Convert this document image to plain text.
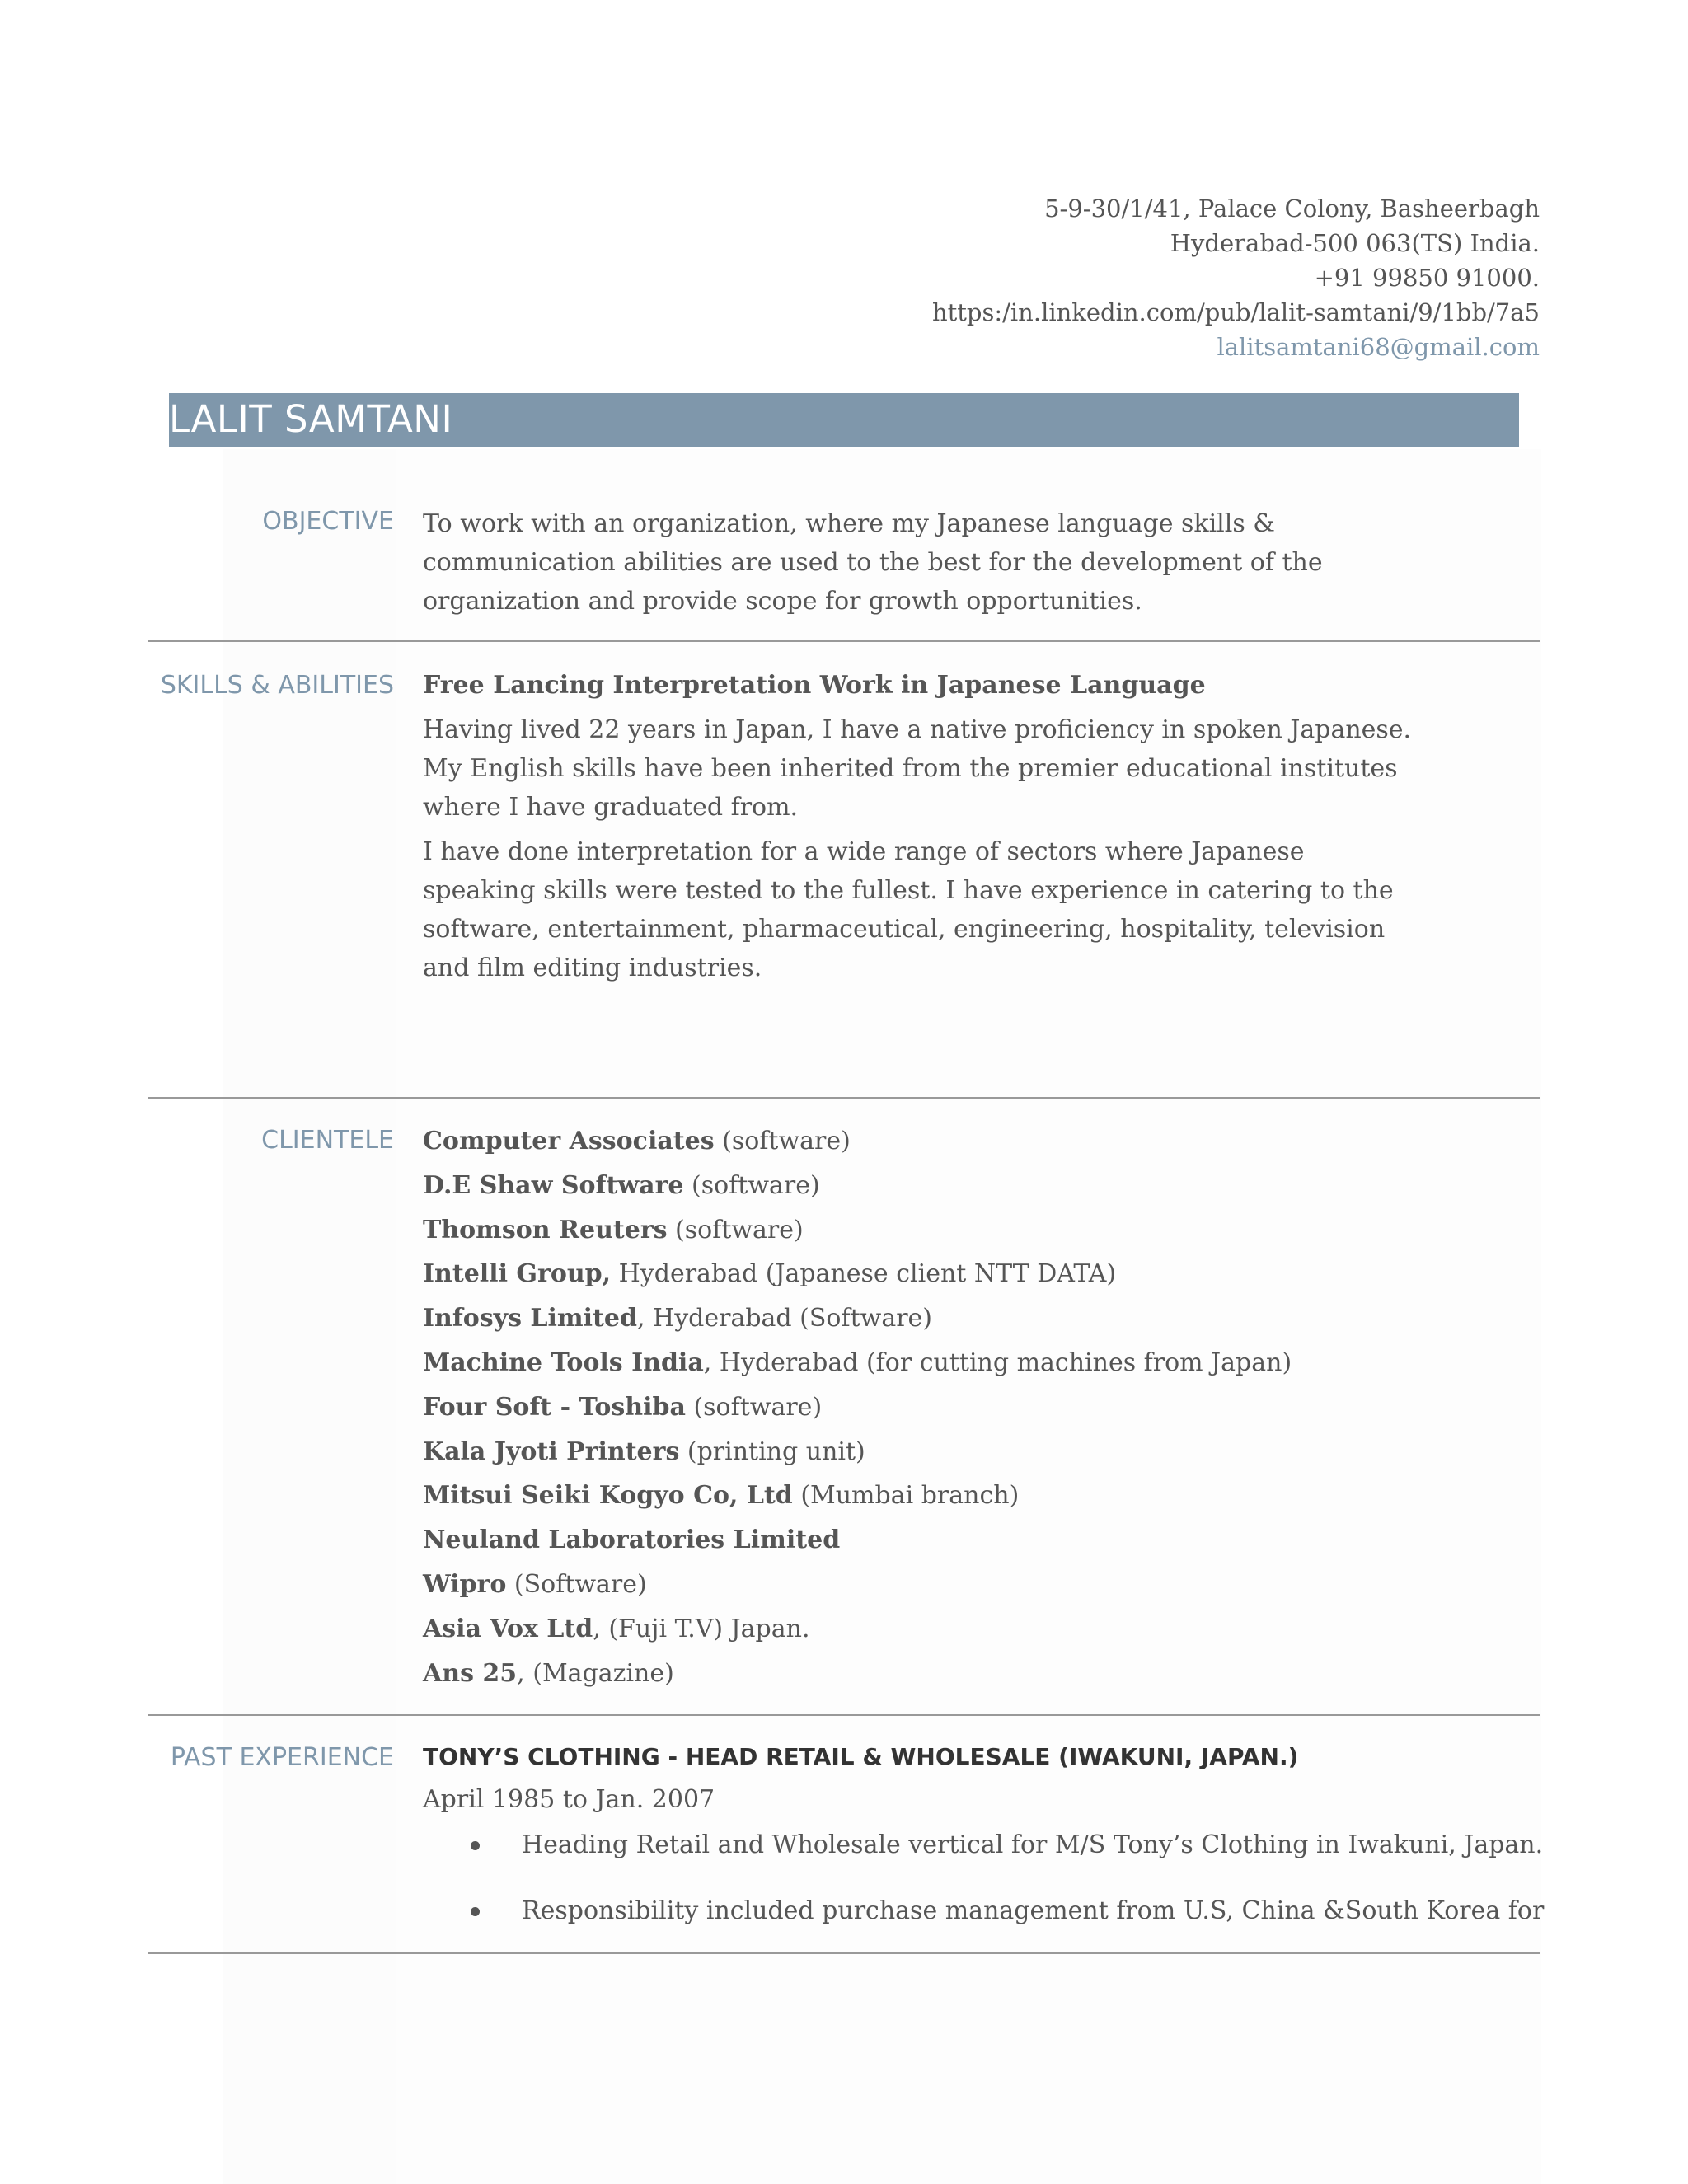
5-9-30/1/41, Palace Colony, Basheerbagh
Hyderabad-500 063(TS) India.
+91 99850 91000.
https:/in.linkedin.com/pub/lalit-samtani/9/1bb/7a5
lalitsamtani68@gmail.com
LALIT SAMTANI
OBJECTIVE To work with an organization, where my Japanese language skills &

communication abilities are used to the best for the development of the

organization and provide scope for growth opportunities.

SKILLS & ABILITIES Free Lancing Interpretation Work in Japanese Language

Having lived 22 years in Japan, I have a native proficiency in spoken Japanese.

My English skills have been inherited from the premier educational institutes

where I have graduated from.

I have done interpretation for a wide range of sectors where Japanese

speaking skills were tested to the fullest. I have experience in catering to the

software, entertainment, pharmaceutical, engineering, hospitality, television

and film editing industries.

CLIENTELE Computer Associates (software)
D.E Shaw Software (software)
Thomson Reuters (software)
Intelli Group, Hyderabad (Japanese client NTT DATA)
Infosys Limited, Hyderabad (Software)
Machine Tools India, Hyderabad (for cutting machines from Japan)
Four Soft - Toshiba (software)
Kala Jyoti Printers (printing unit)
Mitsui Seiki Kogyo Co, Ltd (Mumbai branch)
Neuland Laboratories Limited
Wipro (Software)
Asia Vox Ltd, (Fuji T.V) Japan.
Ans 25, (Magazine)
PAST EXPERIENCE TONY’S CLOTHING - HEAD RETAIL & WHOLESALE (IWAKUNI, JAPAN.)
April 1985 to Jan. 2007
Heading Retail and Wholesale vertical for M/S Tony’s Clothing in Iwakuni, Japan.
Responsibility included purchase management from U.S, China &South Korea for
